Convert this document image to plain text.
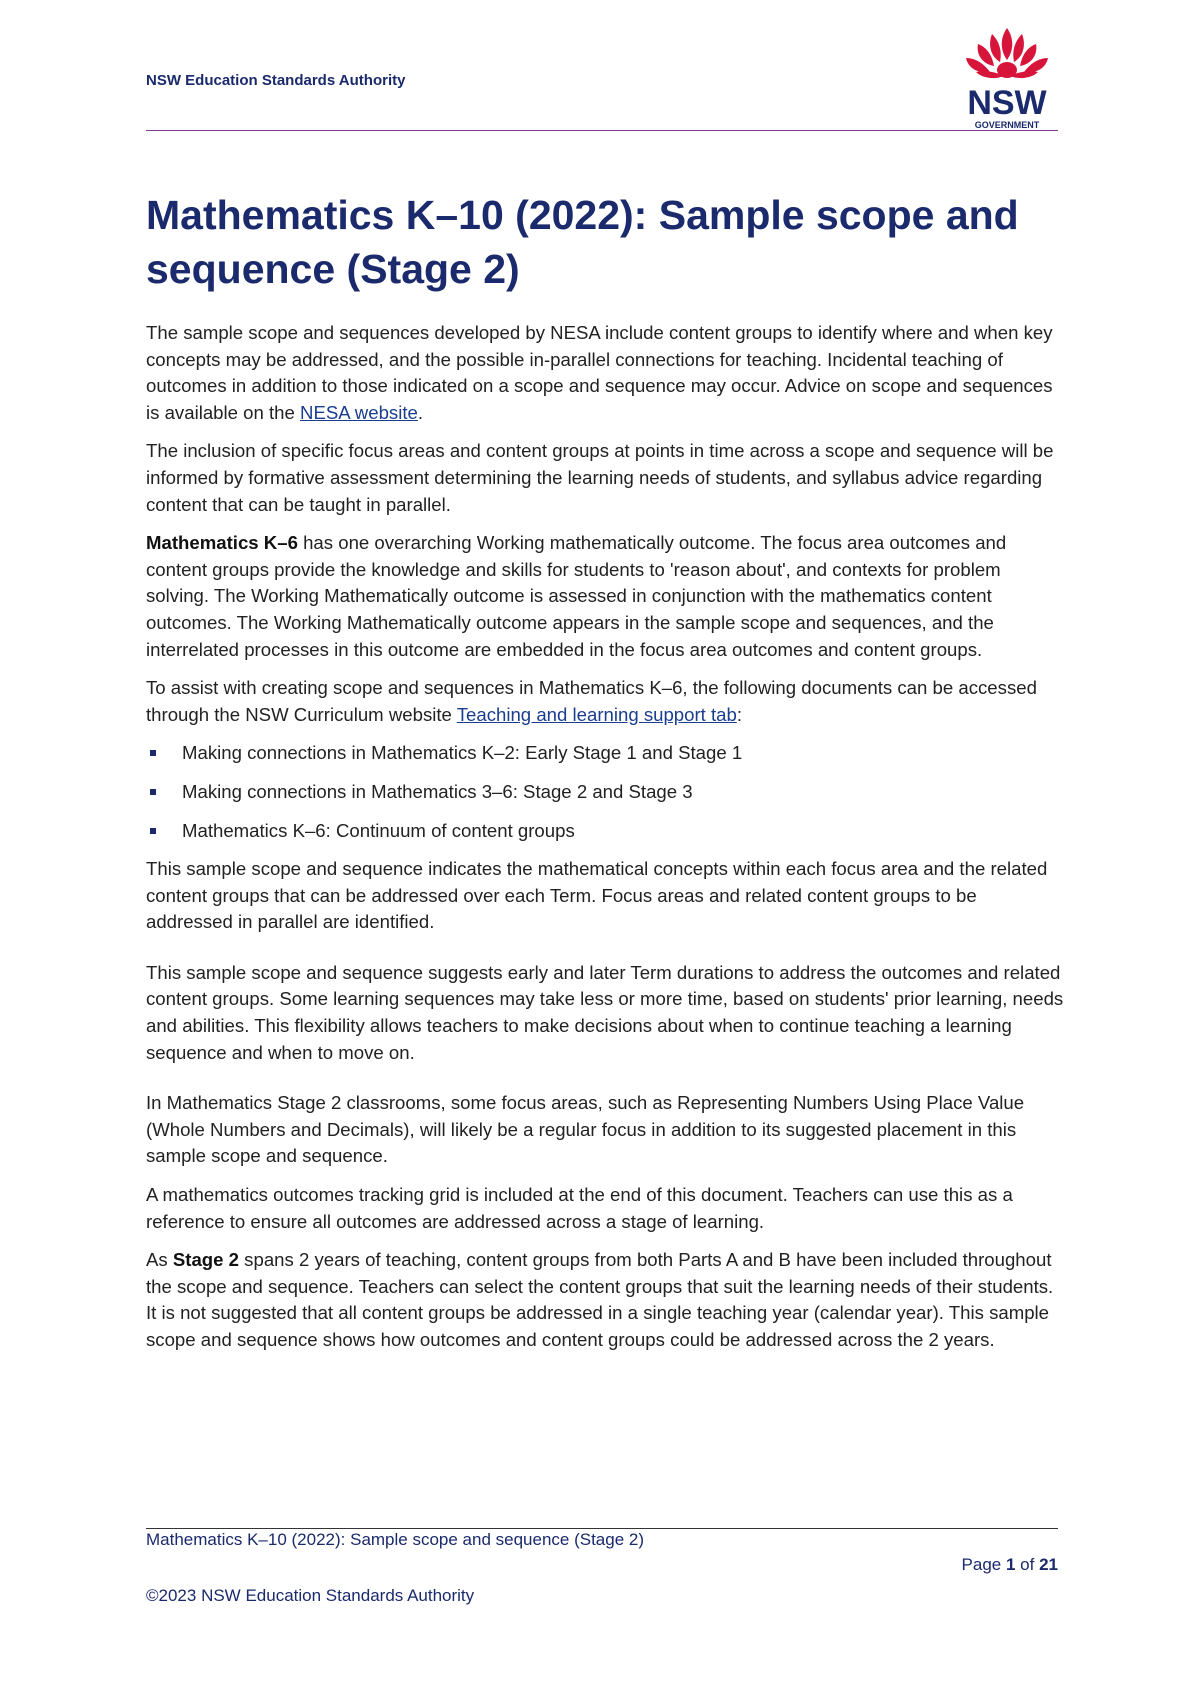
NSW Education Standards Authority
NSW
GOVERNMENT
Mathematics K–10 (2022): Sample scope and sequence (Stage 2)

The sample scope and sequences developed by NESA include content groups to identify where and when key concepts may be addressed, and the possible in-parallel connections for teaching. Incidental teaching of outcomes in addition to those indicated on a scope and sequence may occur. Advice on scope and sequences is available on the NESA website.

The inclusion of specific focus areas and content groups at points in time across a scope and sequence will be informed by formative assessment determining the learning needs of students, and syllabus advice regarding content that can be taught in parallel.

Mathematics K–6 has one overarching Working mathematically outcome. The focus area outcomes and content groups provide the knowledge and skills for students to 'reason about', and contexts for problem solving. The Working Mathematically outcome is assessed in conjunction with the mathematics content outcomes. The Working Mathematically outcome appears in the sample scope and sequences, and the interrelated processes in this outcome are embedded in the focus area outcomes and content groups.

To assist with creating scope and sequences in Mathematics K–6, the following documents can be accessed through the NSW Curriculum website Teaching and learning support tab:

Making connections in Mathematics K–2: Early Stage 1 and Stage 1
Making connections in Mathematics 3–6: Stage 2 and Stage 3
Mathematics K–6: Continuum of content groups

This sample scope and sequence indicates the mathematical concepts within each focus area and the related content groups that can be addressed over each Term. Focus areas and related content groups to be addressed in parallel are identified.

This sample scope and sequence suggests early and later Term durations to address the outcomes and related content groups. Some learning sequences may take less or more time, based on students' prior learning, needs and abilities. This flexibility allows teachers to make decisions about when to continue teaching a learning sequence and when to move on.

In Mathematics Stage 2 classrooms, some focus areas, such as Representing Numbers Using Place Value (Whole Numbers and Decimals), will likely be a regular focus in addition to its suggested placement in this sample scope and sequence.

A mathematics outcomes tracking grid is included at the end of this document. Teachers can use this as a reference to ensure all outcomes are addressed across a stage of learning.

As Stage 2 spans 2 years of teaching, content groups from both Parts A and B have been included throughout the scope and sequence. Teachers can select the content groups that suit the learning needs of their students. It is not suggested that all content groups be addressed in a single teaching year (calendar year). This sample scope and sequence shows how outcomes and content groups could be addressed across the 2 years.

Mathematics K–10 (2022): Sample scope and sequence (Stage 2)
Page 1 of 21
©2023 NSW Education Standards Authority
